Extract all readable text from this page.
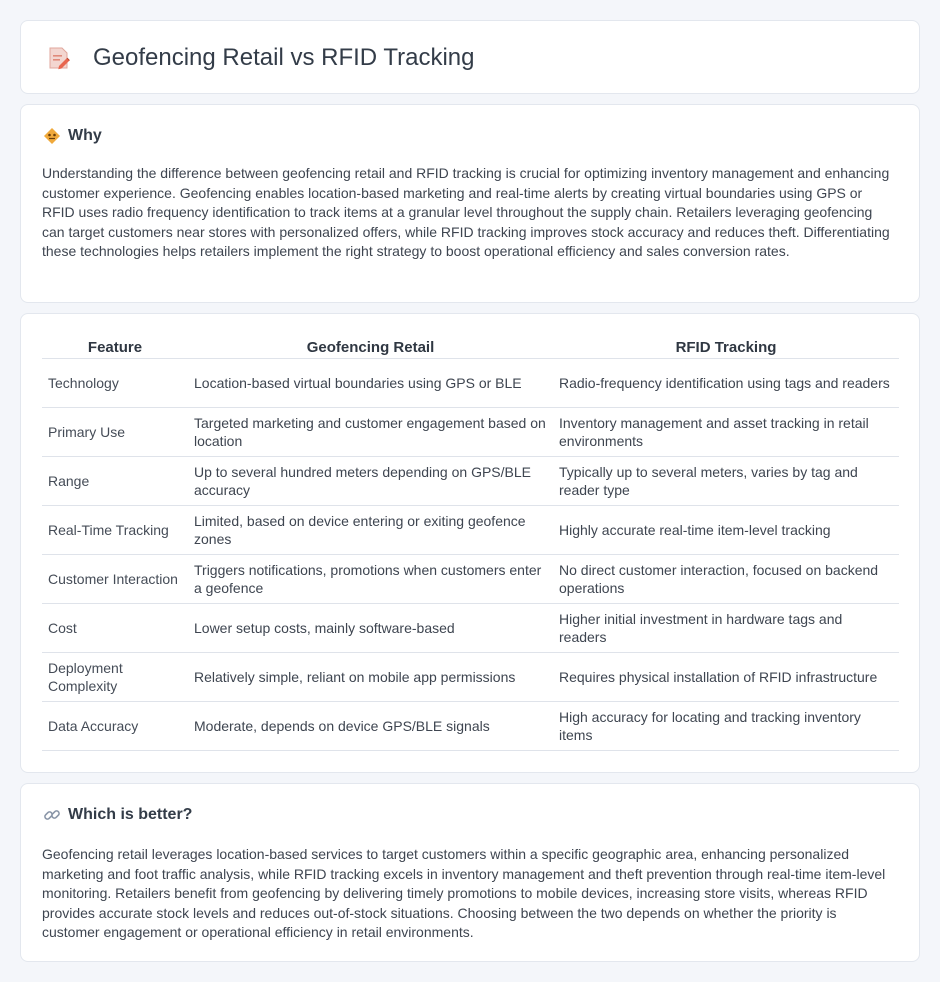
Geofencing Retail vs RFID Tracking
Why

Understanding the difference between geofencing retail and RFID tracking is crucial for optimizing inventory management and enhancing customer experience. Geofencing enables location-based marketing and real-time alerts by creating virtual boundaries using GPS or RFID uses radio frequency identification to track items at a granular level throughout the supply chain. Retailers leveraging geofencing can target customers near stores with personalized offers, while RFID tracking improves stock accuracy and reduces theft. Differentiating these technologies helps retailers implement the right strategy to boost operational efficiency and sales conversion rates.

Feature	Geofencing Retail	RFID Tracking
Technology	Location-based virtual boundaries using GPS or BLE	Radio-frequency identification using tags and readers
Primary Use	Targeted marketing and customer engagement based on location	Inventory management and asset tracking in retail environments
Range	Up to several hundred meters depending on GPS/BLE accuracy	Typically up to several meters, varies by tag and reader type
Real-Time Tracking	Limited, based on device entering or exiting geofence zones	Highly accurate real-time item-level tracking
Customer Interaction	Triggers notifications, promotions when customers enter a geofence	No direct customer interaction, focused on backend operations
Cost	Lower setup costs, mainly software-based	Higher initial investment in hardware tags and readers
Deployment Complexity	Relatively simple, reliant on mobile app permissions	Requires physical installation of RFID infrastructure
Data Accuracy	Moderate, depends on device GPS/BLE signals	High accuracy for locating and tracking inventory items
Which is better?

Geofencing retail leverages location-based services to target customers within a specific geographic area, enhancing personalized marketing and foot traffic analysis, while RFID tracking excels in inventory management and theft prevention through real-time item-level monitoring. Retailers benefit from geofencing by delivering timely promotions to mobile devices, increasing store visits, whereas RFID provides accurate stock levels and reduces out-of-stock situations. Choosing between the two depends on whether the priority is customer engagement or operational efficiency in retail environments.
